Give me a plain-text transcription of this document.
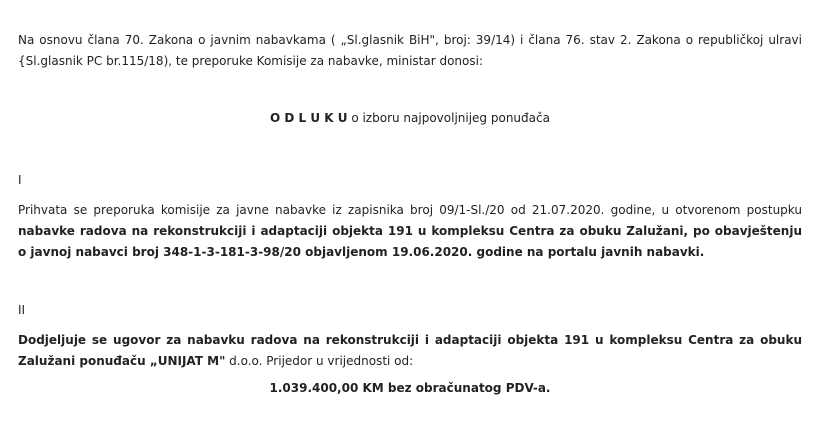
Na osnovu člana 70. Zakona o javnim nabavkama ( „Sl.glasnik BiH", broj: 39/14) i člana 76. stav 2. Zakona o republičkoj ulravi {Sl.glasnik PC br.115/18), te preporuke Komisije za nabavke, ministar donosi:

O D L U K U o izboru najpovoljnijeg ponuđača

I

Prihvata se preporuka komisije za javne nabavke iz zapisnika broj 09/1-Sl./20 od 21.07.2020. godine, u otvorenom postupku nabavke radova na rekonstrukciji i adaptaciji objekta 191 u kompleksu Centra za obuku Zalužani, po obavještenju o javnoj nabavci broj 348-1-3-181-3-98/20 objavljenom 19.06.2020. godine na portalu javnih nabavki.

II

Dodjeljuje se ugovor za nabavku radova na rekonstrukciji i adaptaciji objekta 191 u kompleksu Centra za obuku Zalužani ponuđaču „UNIJAT M" d.o.o. Prijedor u vrijednosti od:

1.039.400,00 KM bez obračunatog PDV-a.
